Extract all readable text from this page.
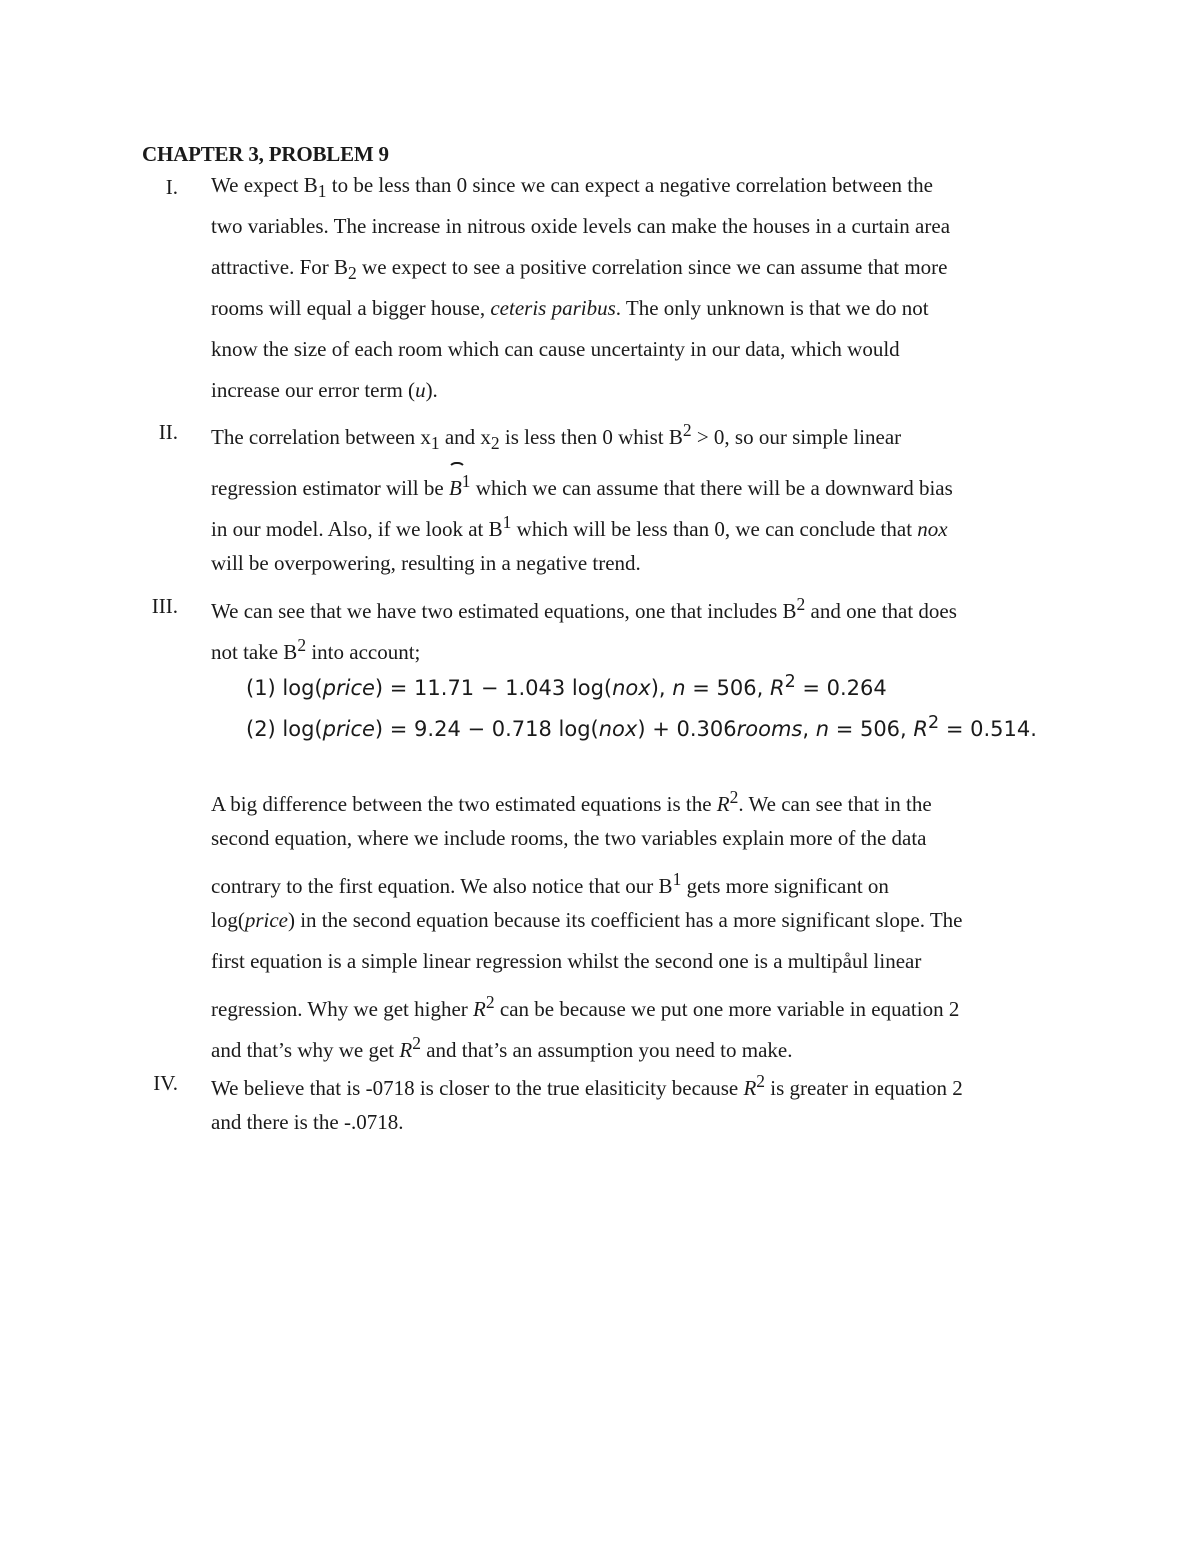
CHAPTER 3, PROBLEM 9
I. We expect $B_1$ to be less than 0 since we can expect a negative correlation between the
two variables. The increase in nitrous oxide levels can make the houses in a curtain area
attractive. For $B_2$ we expect to see a positive correlation since we can assume that more
rooms will equal a bigger house, ceteris paribus. The only unknown is that we do not
know the size of each room which can cause uncertainty in our data, which would
increase our error term (u).
II. The correlation between $x_1$ and $x_2$ is less then 0 whist $B^2 > 0$, so our simple linear
regression estimator will be $B^1$ which we can assume that there will be a downward bias
in our model. Also, if we look at $B^1$ which will be less than 0, we can conclude that nox
will be overpowering, resulting in a negative trend.
III. We can see that we have two estimated equations, one that includes $B^2$ and one that does
not take $B^2$ into account;
(1) log(price) = 11.71 − 1.043 log(nox), n = 506, $R^2 = 0.264$
(2) log(price) = 9.24 − 0.718 log(nox) + 0.306rooms, n = 506, $R^2 = 0.514$.
A big difference between the two estimated equations is the $R^2$. We can see that in the
second equation, where we include rooms, the two variables explain more of the data
contrary to the first equation. We also notice that our $B^1$ gets more significant on
log(price) in the second equation because its coefficient has a more significant slope. The
first equation is a simple linear regression whilst the second one is a multipåul linear
regression. Why we get higher $R^2$ can be because we put one more variable in equation 2
and that’s why we get $R^2$ and that’s an assumption you need to make.
IV. We believe that is -0718 is closer to the true elasiticity because $R^2$ is greater in equation 2
and there is the -.0718.
